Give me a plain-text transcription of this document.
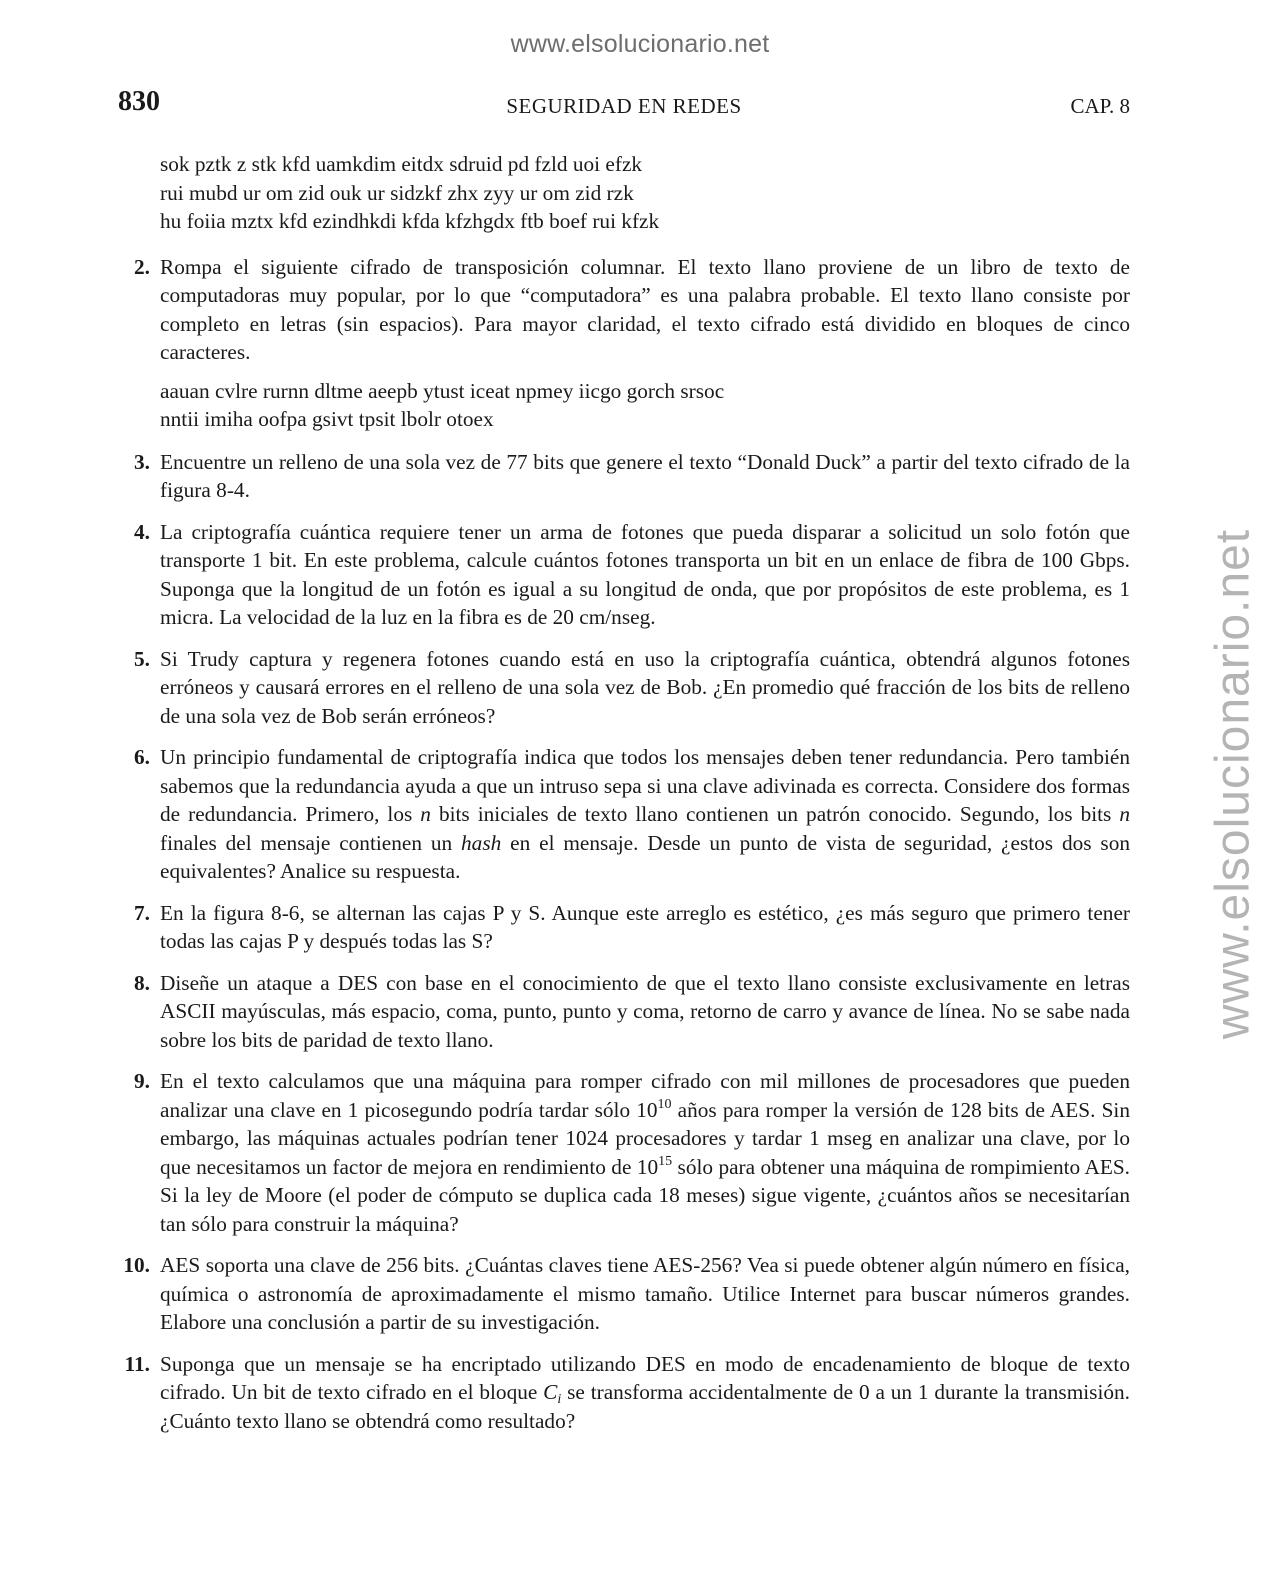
www.elsolucionario.net
www.elsolucionario.net
830	SEGURIDAD EN REDES	CAP. 8
sok pztk z stk kfd uamkdim eitdx sdruid pd fzld uoi efzk
rui mubd ur om zid ouk ur sidzkf zhx zyy ur om zid rzk
hu foiia mztx kfd ezindhkdi kfda kfzhgdx ftb boef rui kfzk
2. Rompa el siguiente cifrado de transposición columnar. El texto llano proviene de un libro de texto de computadoras muy popular, por lo que “computadora” es una palabra probable. El texto llano consiste por completo en letras (sin espacios). Para mayor claridad, el texto cifrado está dividido en bloques de cinco caracteres.
aauan cvlre rurnn dltme aeepb ytust iceat npmey iicgo gorch srsoc
nntii imiha oofpa gsivt tpsit lbolr otoex
3. Encuentre un relleno de una sola vez de 77 bits que genere el texto “Donald Duck” a partir del texto cifrado de la figura 8-4.
4. La criptografía cuántica requiere tener un arma de fotones que pueda disparar a solicitud un solo fotón que transporte 1 bit. En este problema, calcule cuántos fotones transporta un bit en un enlace de fibra de 100 Gbps. Suponga que la longitud de un fotón es igual a su longitud de onda, que por propósitos de este problema, es 1 micra. La velocidad de la luz en la fibra es de 20 cm/nseg.
5. Si Trudy captura y regenera fotones cuando está en uso la criptografía cuántica, obtendrá algunos fotones erróneos y causará errores en el relleno de una sola vez de Bob. ¿En promedio qué fracción de los bits de relleno de una sola vez de Bob serán erróneos?
6. Un principio fundamental de criptografía indica que todos los mensajes deben tener redundancia. Pero también sabemos que la redundancia ayuda a que un intruso sepa si una clave adivinada es correcta. Considere dos formas de redundancia. Primero, los n bits iniciales de texto llano contienen un patrón conocido. Segundo, los bits n finales del mensaje contienen un hash en el mensaje. Desde un punto de vista de seguridad, ¿estos dos son equivalentes? Analice su respuesta.
7. En la figura 8-6, se alternan las cajas P y S. Aunque este arreglo es estético, ¿es más seguro que primero tener todas las cajas P y después todas las S?
8. Diseñe un ataque a DES con base en el conocimiento de que el texto llano consiste exclusivamente en letras ASCII mayúsculas, más espacio, coma, punto, punto y coma, retorno de carro y avance de línea. No se sabe nada sobre los bits de paridad de texto llano.
9. En el texto calculamos que una máquina para romper cifrado con mil millones de procesadores que pueden analizar una clave en 1 picosegundo podría tardar sólo $10^{10}$ años para romper la versión de 128 bits de AES. Sin embargo, las máquinas actuales podrían tener 1024 procesadores y tardar 1 mseg en analizar una clave, por lo que necesitamos un factor de mejora en rendimiento de $10^{15}$ sólo para obtener una máquina de rompimiento AES. Si la ley de Moore (el poder de cómputo se duplica cada 18 meses) sigue vigente, ¿cuántos años se necesitarían tan sólo para construir la máquina?
10. AES soporta una clave de 256 bits. ¿Cuántas claves tiene AES-256? Vea si puede obtener algún número en física, química o astronomía de aproximadamente el mismo tamaño. Utilice Internet para buscar números grandes. Elabore una conclusión a partir de su investigación.
11. Suponga que un mensaje se ha encriptado utilizando DES en modo de encadenamiento de bloque de texto cifrado. Un bit de texto cifrado en el bloque $C_i$ se transforma accidentalmente de 0 a un 1 durante la transmisión. ¿Cuánto texto llano se obtendrá como resultado?
